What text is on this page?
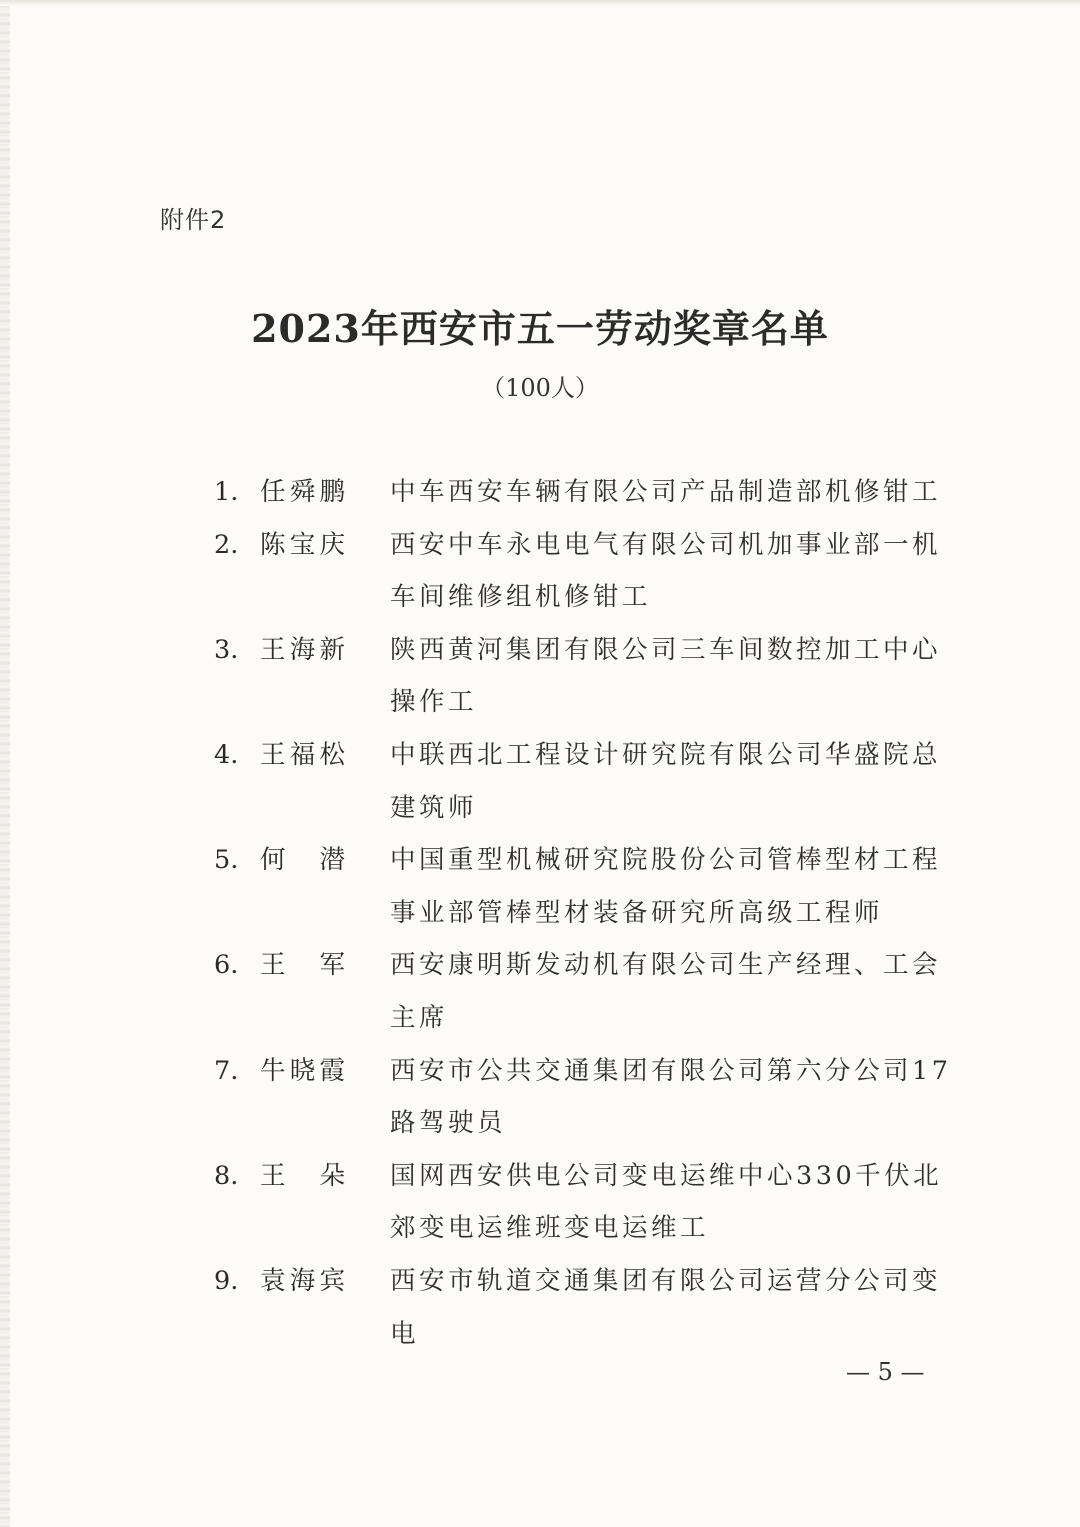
附件2
2023年西安市五一劳动奖章名单
（100人）
1. 任舜鹏 中车西安车辆有限公司产品制造部机修钳工
2. 陈宝庆 西安中车永电电气有限公司机加事业部一机车间维修组机修钳工
3. 王海新 陕西黄河集团有限公司三车间数控加工中心操作工
4. 王福松 中联西北工程设计研究院有限公司华盛院总建筑师
5. 何潜 中国重型机械研究院股份公司管棒型材工程事业部管棒型材装备研究所高级工程师
6. 王军 西安康明斯发动机有限公司生产经理、工会主席
7. 牛晓霞 西安市公共交通集团有限公司第六分公司17路驾驶员
8. 王朵 国网西安供电公司变电运维中心330千伏北郊变电运维班变电运维工
9. 袁海宾 西安市轨道交通集团有限公司运营分公司变电
— 5 —
